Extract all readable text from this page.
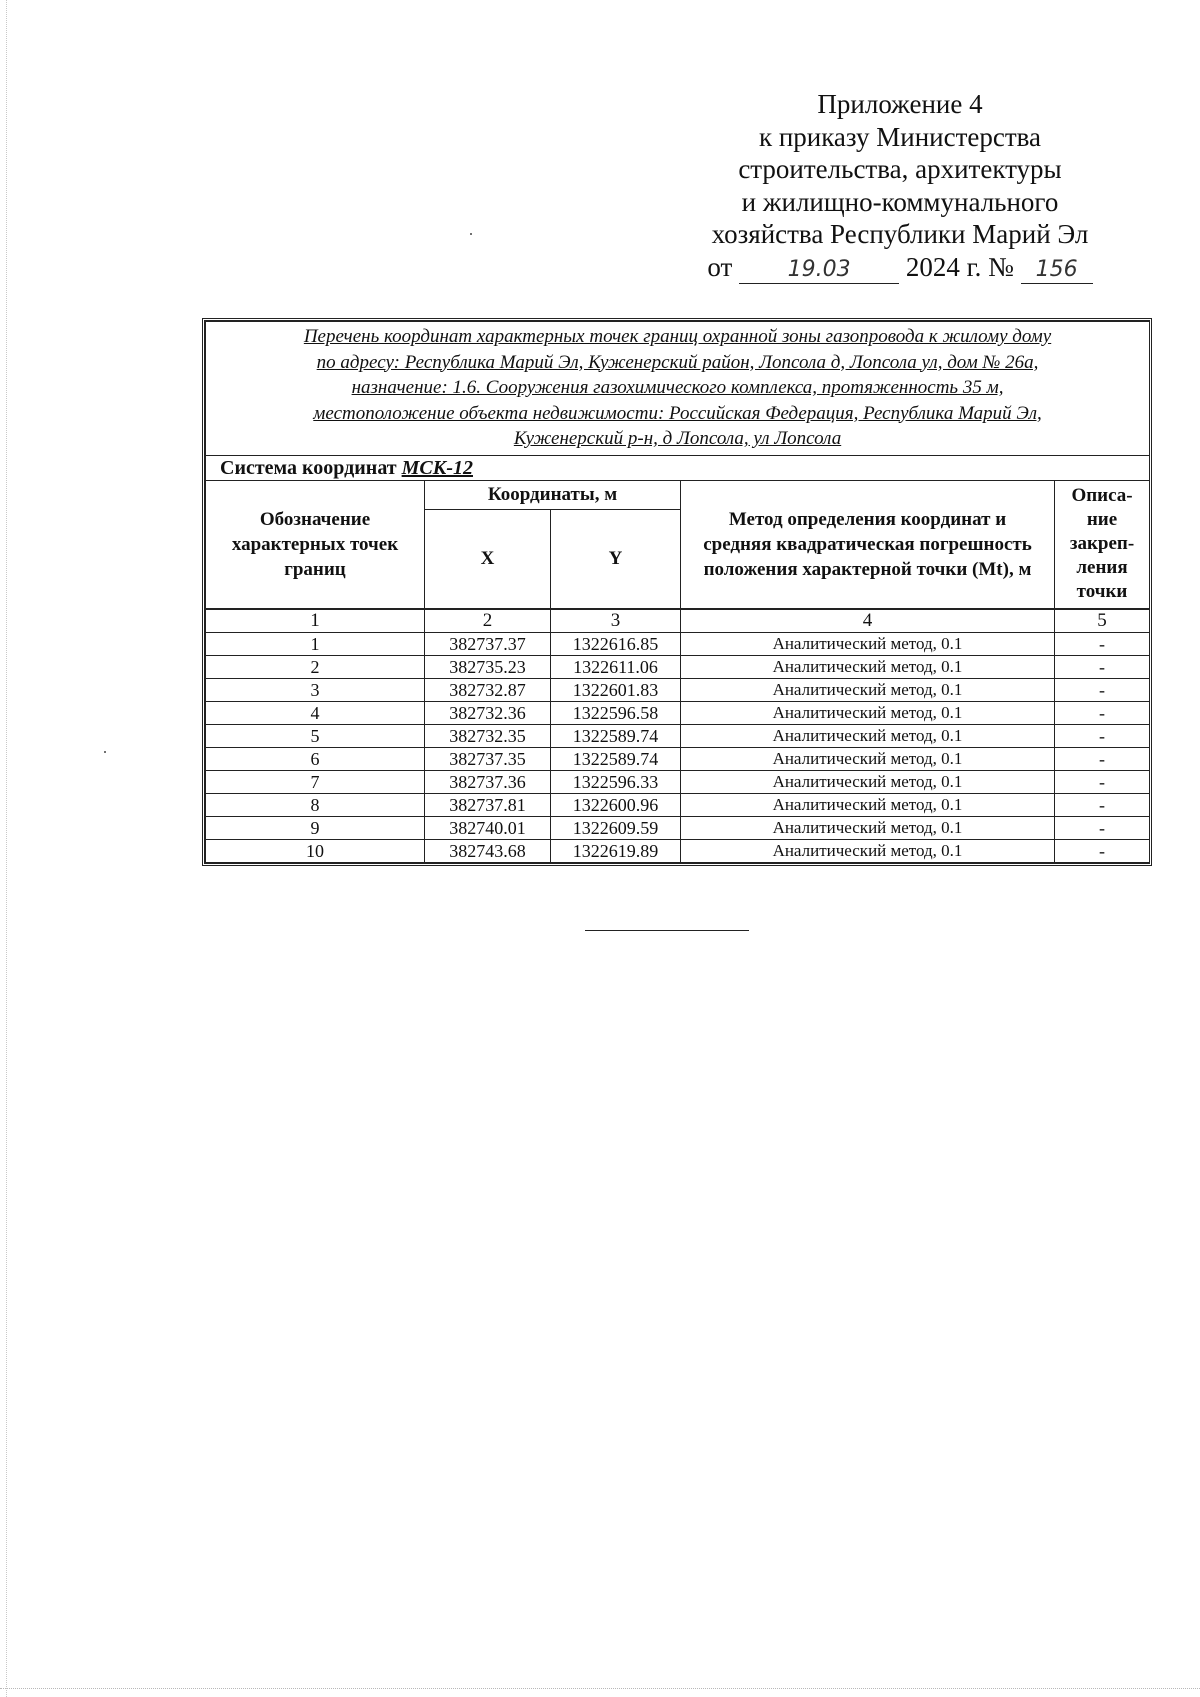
Приложение 4
к приказу Министерства
строительства, архитектуры
и жилищно-коммунального
хозяйства Республики Марий Эл
от	19.03 2024 г. № 156
Перечень координат характерных точек границ охранной зоны газопровода к жилому дому
по адресу: Республика Марий Эл, Куженерский район, Лопсола д, Лопсола ул, дом № 26а,
назначение: 1.6. Сооружения газохимического комплекса, протяженность 35 м,
местоположение объекта недвижимости: Российская Федерация, Республика Марий Эл,
Куженерский р-н, д Лопсола, ул Лопсола				

Система координат МСК-12				
Обозначение характерных точек границ	Координаты, м		Метод определения координат и средняя квадратическая погрешность положения характерной точки (Mt), м	Описа-ние закреп-ления точки
	X	Y		
1	2	3	4	5
1	382737.37	1322616.85	Аналитический метод, 0.1	-
2	382735.23	1322611.06	Аналитический метод, 0.1	-
3	382732.87	1322601.83	Аналитический метод, 0.1	-
4	382732.36	1322596.58	Аналитический метод, 0.1	-
5	382732.35	1322589.74	Аналитический метод, 0.1	-
6	382737.35	1322589.74	Аналитический метод, 0.1	-
7	382737.36	1322596.33	Аналитический метод, 0.1	-
8	382737.81	1322600.96	Аналитический метод, 0.1	-
9	382740.01	1322609.59	Аналитический метод, 0.1	-
10	382743.68	1322619.89	Аналитический метод, 0.1	-
